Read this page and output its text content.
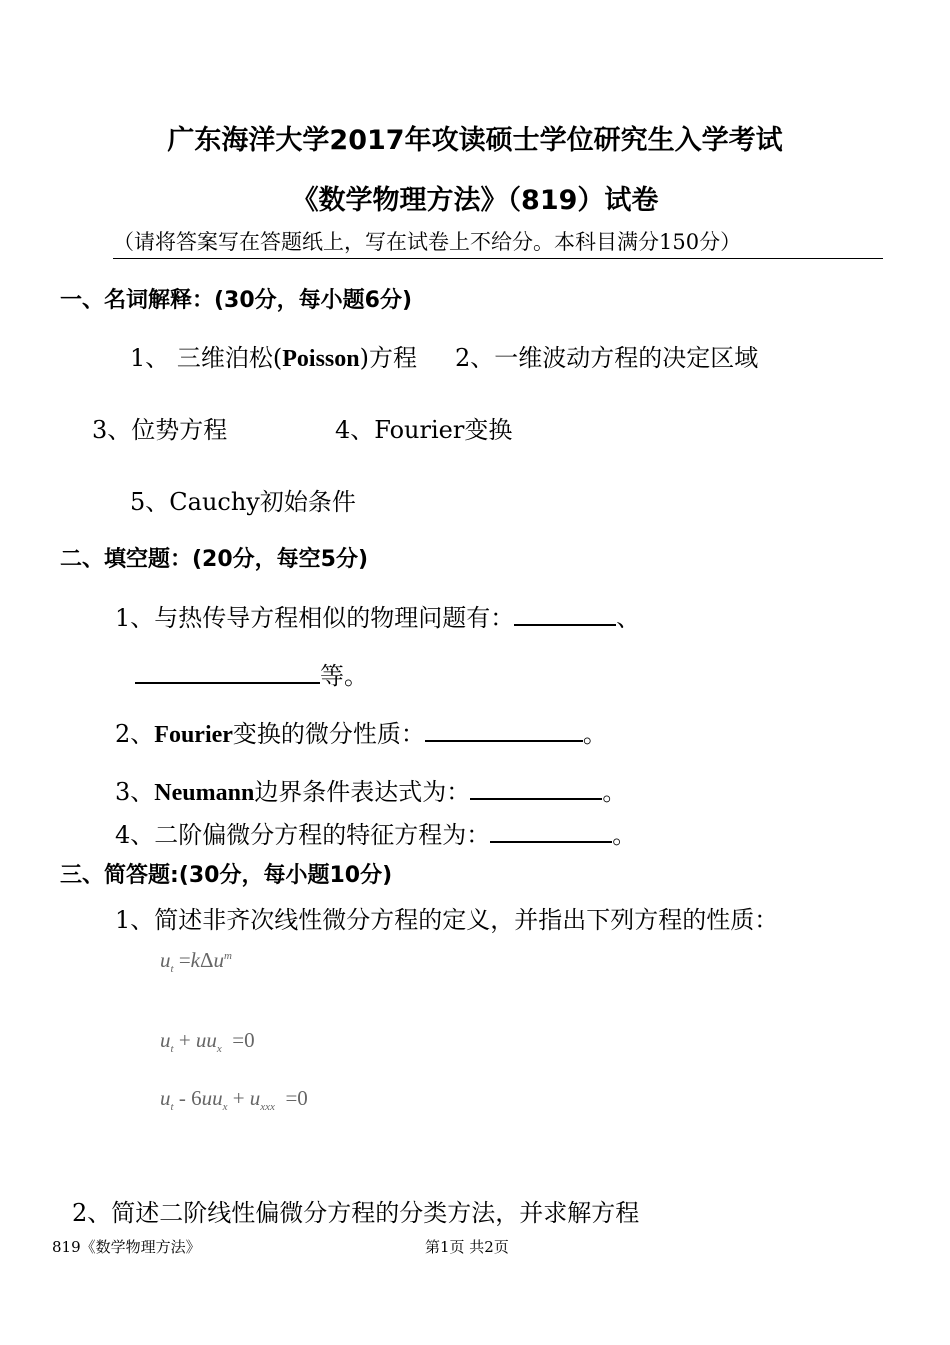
广东海洋大学2017年攻读硕士学位研究生入学考试
《数学物理方法》（819）试卷
（请将答案写在答题纸上，写在试卷上不给分。本科目满分150分）
一、名词解释：(30分，每小题6分)
1、 三维泊松(Poisson)方程 2、一维波动方程的决定区域
3、位势方程	4、Fourier变换
5、Cauchy初始条件
二、填空题：(20分，每空5分)
1、与热传导方程相似的物理问题有：	、
等。
2、Fourier变换的微分性质：	。
3、Neumann边界条件表达式为：	。
4、二阶偏微分方程的特征方程为：	。
三、简答题:(30分，每小题10分)
1、简述非齐次线性微分方程的定义，并指出下列方程的性质：
$u_t =k\Delta u^m$
$u_t + uu_x =0$
$u_t - 6uu_x + u_{xxx} =0$
2、简述二阶线性偏微分方程的分类方法，并求解方程
819《数学物理方法》	第1页 共2页
